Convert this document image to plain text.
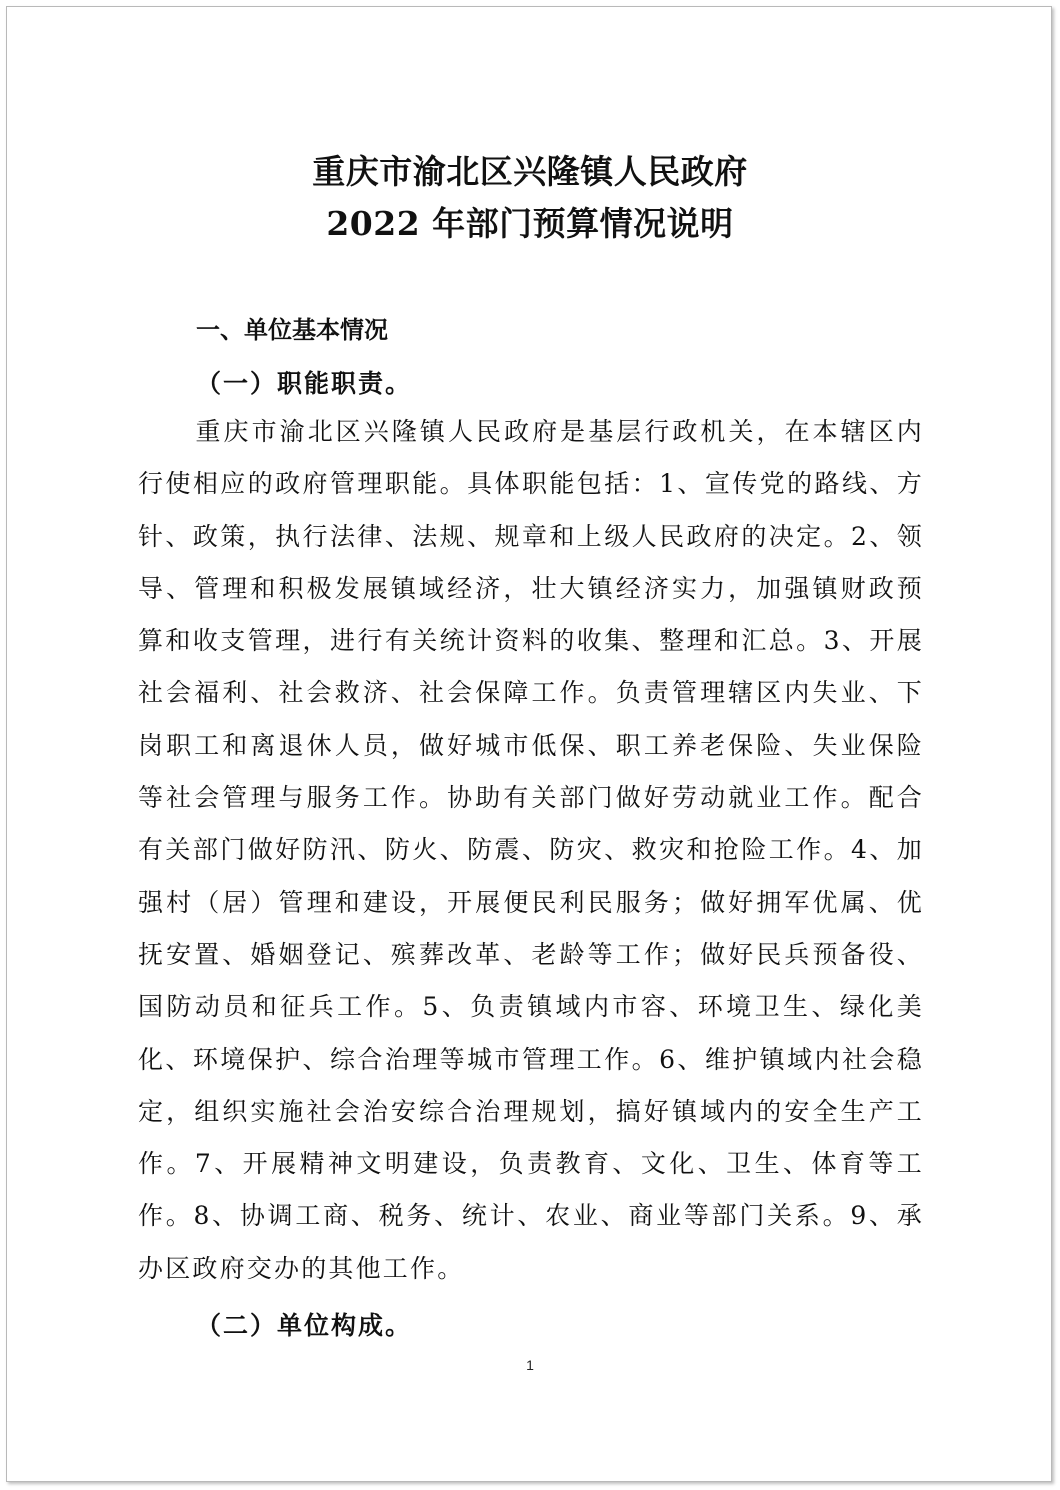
重庆市渝北区兴隆镇人民政府
2022 年部门预算情况说明
一、单位基本情况
（一）职能职责。

重庆市渝北区兴隆镇人民政府是基层行政机关，在本辖区内行使相应的政府管理职能。具体职能包括：1、宣传党的路线、方针、政策，执行法律、法规、规章和上级人民政府的决定。2、领导、管理和积极发展镇域经济，壮大镇经济实力，加强镇财政预算和收支管理，进行有关统计资料的收集、整理和汇总。3、开展社会福利、社会救济、社会保障工作。负责管理辖区内失业、下岗职工和离退休人员，做好城市低保、职工养老保险、失业保险等社会管理与服务工作。协助有关部门做好劳动就业工作。配合有关部门做好防汛、防火、防震、防灾、救灾和抢险工作。4、加强村（居）管理和建设，开展便民利民服务；做好拥军优属、优抚安置、婚姻登记、殡葬改革、老龄等工作；做好民兵预备役、国防动员和征兵工作。5、负责镇域内市容、环境卫生、绿化美化、环境保护、综合治理等城市管理工作。6、维护镇域内社会稳定，组织实施社会治安综合治理规划，搞好镇域内的安全生产工作。7、开展精神文明建设，负责教育、文化、卫生、体育等工作。8、协调工商、税务、统计、农业、商业等部门关系。9、承办区政府交办的其他工作。

（二）单位构成。
1
